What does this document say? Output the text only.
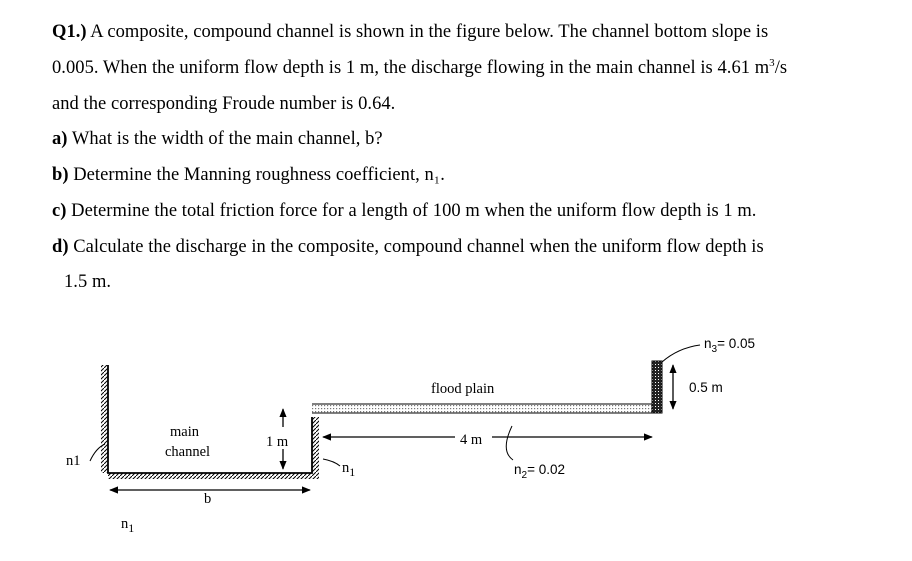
Q1.) A composite, compound channel is shown in the figure below. The channel bottom slope is
0.005. When the uniform flow depth is 1 m, the discharge flowing in the main channel is 4.61 $m^3/s$
and the corresponding Froude number is 0.64.
a) What is the width of the main channel, b?
b) Determine the Manning roughness coefficient, n₁.
c) Determine the total friction force for a length of 100 m when the uniform flow depth is 1 m.
d) Calculate the discharge in the composite, compound channel when the uniform flow depth is
1.5 m.
main
channel
1 m
flood plain
4 m
b
0.5 m
n1
$n_1$
$n_1$	$n_2= 0.02$
$n_3= 0.05$
